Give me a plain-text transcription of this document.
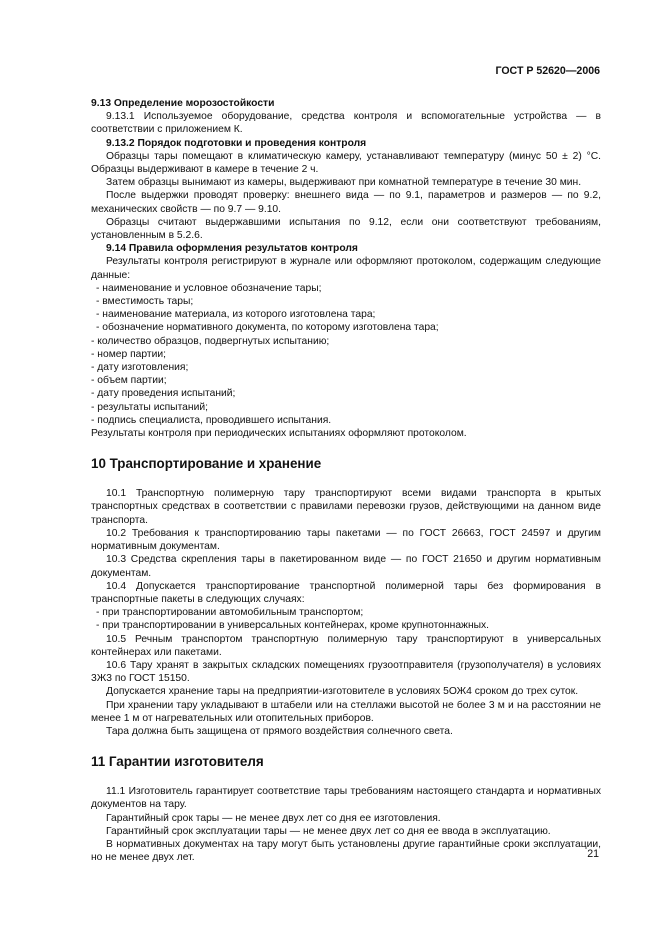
ГОСТ Р 52620—2006

9.13 Определение морозостойкости

9.13.1 Используемое оборудование, средства контроля и вспомогательные устройства — в соответствии с приложением К.

9.13.2 Порядок подготовки и проведения контроля

Образцы тары помещают в климатическую камеру, устанавливают температуру (минус 50 ± 2) °С. Образцы выдерживают в камере в течение 2 ч.

Затем образцы вынимают из камеры, выдерживают при комнатной температуре в течение 30 мин.

После выдержки проводят проверку: внешнего вида — по 9.1, параметров и размеров — по 9.2, механических свойств — по 9.7 — 9.10.

Образцы считают выдержавшими испытания по 9.12, если они соответствуют требованиям, установленным в 5.2.6.

9.14 Правила оформления результатов контроля

Результаты контроля регистрируют в журнале или оформляют протоколом, содержащим следующие данные:

- наименование и условное обозначение тары;

- вместимость тары;

- наименование материала, из которого изготовлена тара;

- обозначение нормативного документа, по которому изготовлена тара;

- количество образцов, подвергнутых испытанию;

- номер партии;

- дату изготовления;

- объем партии;

- дату проведения испытаний;

- результаты испытаний;

- подпись специалиста, проводившего испытания.

Результаты контроля при периодических испытаниях оформляют протоколом.

10 Транспортирование и хранение

10.1 Транспортную полимерную тару транспортируют всеми видами транспорта в крытых транспортных средствах в соответствии с правилами перевозки грузов, действующими на данном виде транспорта.

10.2 Требования к транспортированию тары пакетами — по ГОСТ 26663, ГОСТ 24597 и другим нормативным документам.

10.3 Средства скрепления тары в пакетированном виде — по ГОСТ 21650 и другим нормативным документам.

10.4 Допускается транспортирование транспортной полимерной тары без формирования в транспортные пакеты в следующих случаях:

- при транспортировании автомобильным транспортом;

- при транспортировании в универсальных контейнерах, кроме крупнотоннажных.

10.5 Речным транспортом транспортную полимерную тару транспортируют в универсальных контейнерах или пакетами.

10.6 Тару хранят в закрытых складских помещениях грузоотправителя (грузополучателя) в условиях 3Ж3 по ГОСТ 15150.

Допускается хранение тары на предприятии-изготовителе в условиях 5ОЖ4 сроком до трех суток.

При хранении тару укладывают в штабели или на стеллажи высотой не более 3 м и на расстоянии не менее 1 м от нагревательных или отопительных приборов.

Тара должна быть защищена от прямого воздействия солнечного света.

11 Гарантии изготовителя

11.1 Изготовитель гарантирует соответствие тары требованиям настоящего стандарта и нормативных документов на тару.

Гарантийный срок тары — не менее двух лет со дня ее изготовления.

Гарантийный срок эксплуатации тары — не менее двух лет со дня ее ввода в эксплуатацию.

В нормативных документах на тару могут быть установлены другие гарантийные сроки эксплуатации, но не менее двух лет.	21
